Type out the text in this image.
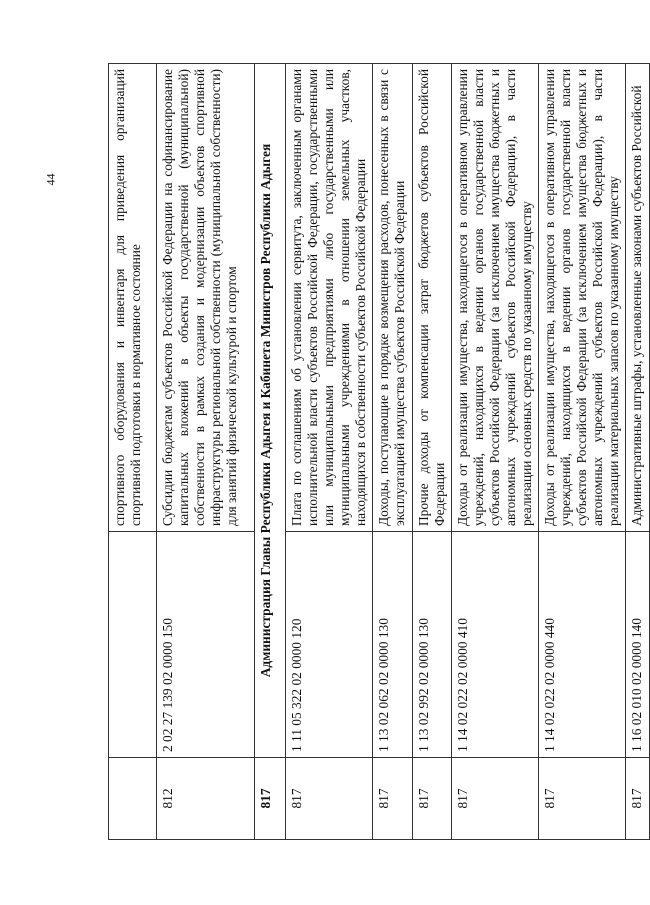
44
			спортивного оборудования и инвентаря для приведения организаций спортивной подготовки в нормативное состояние
812	2 02 27 139 02 0000 150	Субсидии бюджетам субъектов Российской Федерации на софинансирование капитальных вложений в объекты государственной (муниципальной) собственности в рамках создания и модернизации объектов спортивной инфраструктуры региональной собственности (муниципальной собственности) для занятий физической культурой и спортом
817	Администрация Главы Республики Адыгея и Кабинета Министров Республики Адыгея	
817	1 11 05 322 02 0000 120	Плата по соглашениям об установлении сервитута, заключенным органами исполнительной власти субъектов Российской Федерации, государственными или муниципальными предприятиями либо государственными или муниципальными учреждениями в отношении земельных участков, находящихся в собственности субъектов Российской Федерации
817	1 13 02 062 02 0000 130	Доходы, поступающие в порядке возмещения расходов, понесенных в связи с эксплуатацией имущества субъектов Российской Федерации
817	1 13 02 992 02 0000 130	Прочие доходы от компенсации затрат бюджетов субъектов Российской Федерации
817	1 14 02 022 02 0000 410	Доходы от реализации имущества, находящегося в оперативном управлении учреждений, находящихся в ведении органов государственной власти субъектов Российской Федерации (за исключением имущества бюджетных и автономных учреждений субъектов Российской Федерации), в части реализации основных средств по указанному имуществу
817	1 14 02 022 02 0000 440	Доходы от реализации имущества, находящегося в оперативном управлении учреждений, находящихся в ведении органов государственной власти субъектов Российской Федерации (за исключением имущества бюджетных и автономных учреждений субъектов Российской Федерации), в части реализации материальных запасов по указанному имуществу
817	1 16 02 010 02 0000 140	Административные штрафы, установленные законами субъектов Российской
